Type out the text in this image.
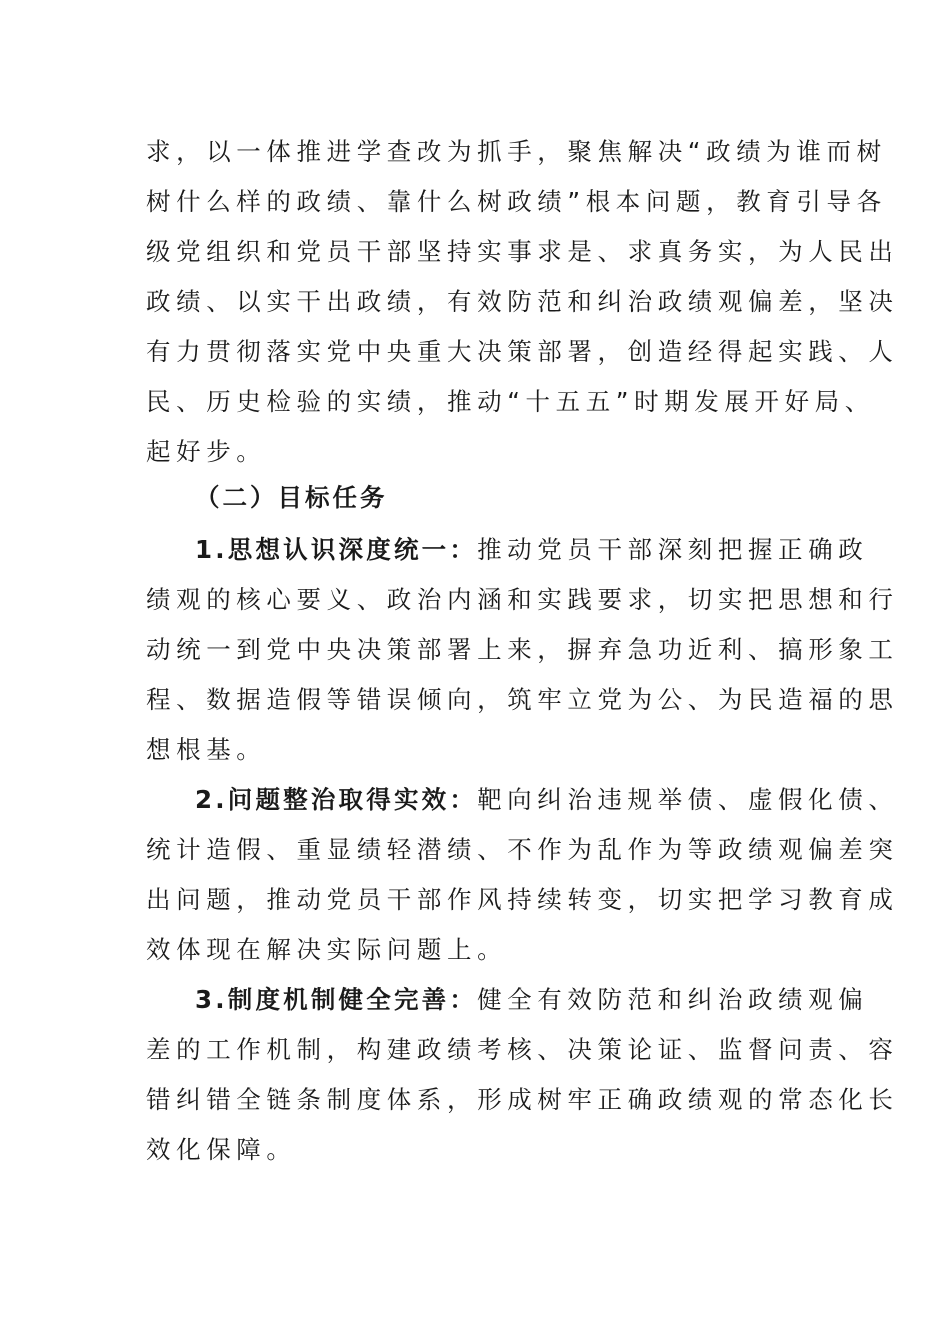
求，以一体推进学查改为抓手，聚焦解决“政绩为谁而树
树什么样的政绩、靠什么树政绩”根本问题，教育引导各
级党组织和党员干部坚持实事求是、求真务实，为人民出
政绩、以实干出政绩，有效防范和纠治政绩观偏差，坚决
有力贯彻落实党中央重大决策部署，创造经得起实践、人
民、历史检验的实绩，推动“十五五”时期发展开好局、
起好步。
（二）目标任务
1.思想认识深度统一：推动党员干部深刻把握正确政
绩观的核心要义、政治内涵和实践要求，切实把思想和行
动统一到党中央决策部署上来，摒弃急功近利、搞形象工
程、数据造假等错误倾向，筑牢立党为公、为民造福的思
想根基。
2.问题整治取得实效：靶向纠治违规举债、虚假化债、
统计造假、重显绩轻潜绩、不作为乱作为等政绩观偏差突
出问题，推动党员干部作风持续转变，切实把学习教育成
效体现在解决实际问题上。
3.制度机制健全完善：健全有效防范和纠治政绩观偏
差的工作机制，构建政绩考核、决策论证、监督问责、容
错纠错全链条制度体系，形成树牢正确政绩观的常态化长
效化保障。
